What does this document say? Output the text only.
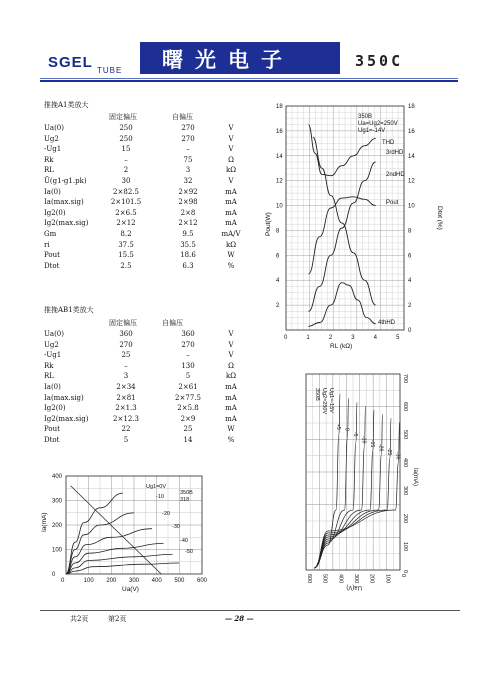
SGEL TUBE 曙光电子	350C
推挽A1类放大
固定偏压	自偏压
Ua(0)	250	270	V
Ug2	250	270	V
-Ug1	15	–	V
Rk	–	75	Ω
RL	2	3	kΩ
Ũ(g1-g1.pk)	30	32	V
Ia(0)	2×82.5	2×92	mA
Ia(max.sig)	2×101.5	2×98	mA
Ig2(0)	2×6.5	2×8	mA
Ig2(max.sig)	2×12	2×12	mA
Gm	8.2	9.5	mA/V
ri	37.5	35.5	kΩ
Pout	15.5	18.6	W
Dtot	2.5	6.3	%
推挽AB1类放大
固定偏压	自偏压
Ua(0)	360	360	V
Ug2	270	270	V
-Ug1	25	–	V
Rk	–	130	Ω
RL	3	5	kΩ
Ia(0)	2×34	2×61	mA
Ia(max.sig)	2×81	2×77.5	mA
Ig2(0)	2×1.3	2×5.8	mA
Ig2(max.sig)	2×12.3	2×9	mA
Pout	22	25	W
Dtot	5	14	%
0	1	2	3	4	5
2
4
6
8
10
12
14
16
18
0
2
4
6
8
10
12
14
16
18
RL (kΩ)
Pout(W)	Dtot (%)
350B
Ua=Ug2=250V
Ug1=-14V
THD
3rdHD
2ndHD
Pout
4thHD
0	100 200 300 400 500 600
0
100
200
300
400
Ua(V)
Ia(mA)
350B
318
Ug1=0V
-10
-20
-30
-40
-50
600 500 400 300 200 100 0
0
100
200
300
400
500
600
700
Ua(V)
Ia(mA)
350B Ug2=250V Ug1=-15V
+5 0
-5
-10
-15
-20
-25
-30
共2页	第2页	— 28 —
